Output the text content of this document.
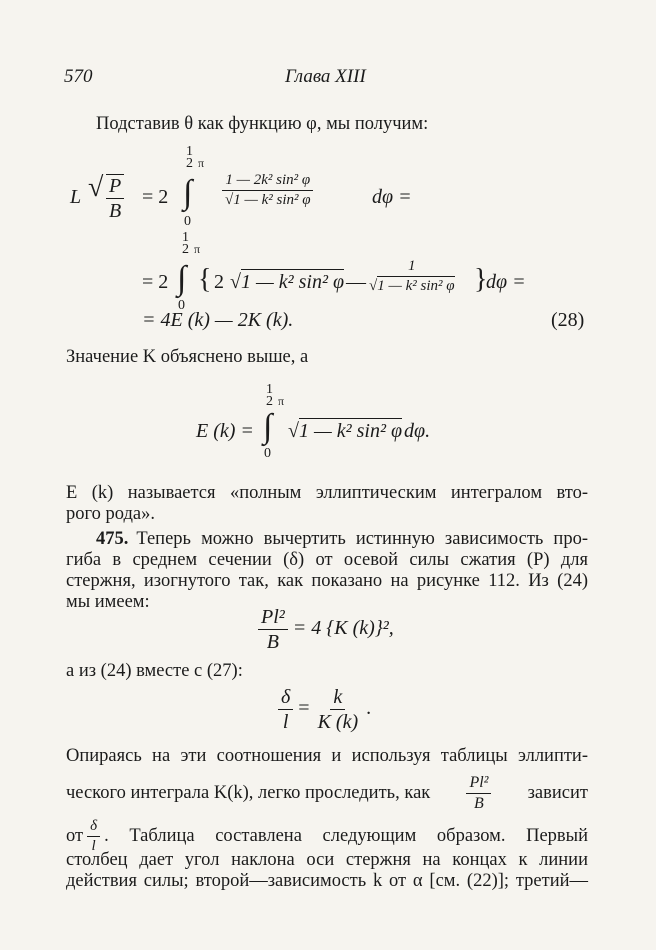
570	Глава XIII
Подставив θ как функцию φ, мы получим:
L √ $\frac{P}{B} = 2$
1
2 π
∫
0
$\frac{\text{1 — 2k² sin² φ}}{\text{√1 — k² sin² φ}}$	dφ =
1
2 π
= 2 ∫
0
{ 2 √1 — k² sin² φ — $\frac{1}{\text{√1 — k² sin² φ}}$ }
dφ =
= 4E (k) — 2K (k).	(28)
Значение K объяснено выше, а
1
2 π
E (k) = ∫
0
√1 — k² sin² φ dφ.
E (k) называется «полным эллиптическим интегралом вто-
рого рода».
475. Теперь можно вычертить истинную зависимость про-
гиба в среднем сечении (δ) от осевой силы сжатия (P) для
стержня, изогнутого так, как показано на рисунке 112. Из (24)
мы имеем:
$\frac{\text{Pl²}}{B} = 4$ {K (k)}²,
а из (24) вместе с (27):
$\frac{\delta}{l} = \frac{k}{K (k)}$ .
Опираясь на эти соотношения и используя таблицы эллипти-
ческого интеграла K(k), легко проследить, как $\frac{\text{Pl²}}{B}$ зависит
от $\frac{\delta}{l}$ . Таблица составлена следующим образом. Первый
столбец дает угол наклона оси стержня на концах к линии
действия силы; второй—зависимость k от α [см. (22)]; третий—
